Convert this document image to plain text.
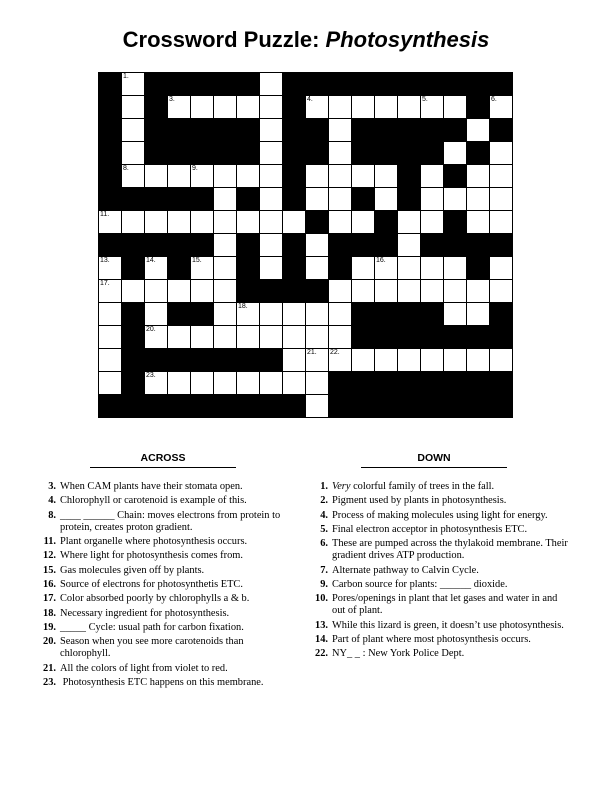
Crossword Puzzle: Photosynthesis
1.	2.
3.	4.	5.	6.
7.
8.	9.	10.
11.	12.
13.	14.	15.	16.
17.
18.	19.
20.
21. 22.
23.
ACROSS	DOWN
3. When CAM plants have their stomata open.
4. Chlorophyll or carotenoid is example of this.
8. ____ ______ Chain: moves electrons from protein to protein, creates proton gradient.
11. Plant organelle where photosynthesis occurs.
12. Where light for photosynthesis comes from.
15. Gas molecules given off by plants.
16. Source of electrons for photosynthetis ETC.
17. Color absorbed poorly by chlorophylls a & b.
18. Necessary ingredient for photosynthesis.
19. _____ Cycle: usual path for carbon fixation.
20. Season when you see more carotenoids than chlorophyll.
21. All the colors of light from violet to red.
23. Photosynthesis ETC happens on this membrane.
1. Very colorful family of trees in the fall.
2. Pigment used by plants in photosynthesis.
4. Process of making molecules using light for energy.
5. Final electron acceptor in photosynthesis ETC.
6. These are pumped across the thylakoid membrane. Their gradient drives ATP production.
7. Alternate pathway to Calvin Cycle.
9. Carbon source for plants: ______ dioxide.
10. Pores/openings in plant that let gases and water in and out of plant.
13. While this lizard is green, it doesn’t use photosynthesis.
14. Part of plant where most photosynthesis occurs.
22. NY_ _ : New York Police Dept.
